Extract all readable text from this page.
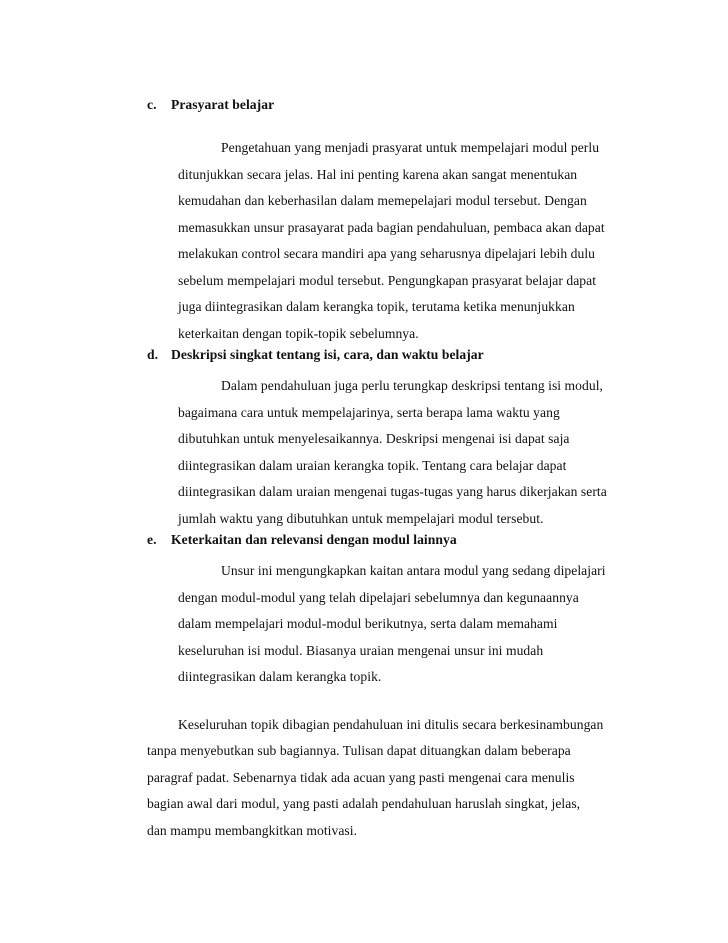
c. Prasyarat belajar
Pengetahuan yang menjadi prasyarat untuk mempelajari modul perlu
ditunjukkan secara jelas. Hal ini penting karena akan sangat menentukan
kemudahan dan keberhasilan dalam memepelajari modul tersebut. Dengan
memasukkan unsur prasayarat pada bagian pendahuluan, pembaca akan dapat
melakukan control secara mandiri apa yang seharusnya dipelajari lebih dulu
sebelum mempelajari modul tersebut. Pengungkapan prasyarat belajar dapat
juga diintegrasikan dalam kerangka topik, terutama ketika menunjukkan
keterkaitan dengan topik-topik sebelumnya.
d. Deskripsi singkat tentang isi, cara, dan waktu belajar
Dalam pendahuluan juga perlu terungkap deskripsi tentang isi modul,
bagaimana cara untuk mempelajarinya, serta berapa lama waktu yang
dibutuhkan untuk menyelesaikannya. Deskripsi mengenai isi dapat saja
diintegrasikan dalam uraian kerangka topik. Tentang cara belajar dapat
diintegrasikan dalam uraian mengenai tugas-tugas yang harus dikerjakan serta
jumlah waktu yang dibutuhkan untuk mempelajari modul tersebut.
e. Keterkaitan dan relevansi dengan modul lainnya
Unsur ini mengungkapkan kaitan antara modul yang sedang dipelajari
dengan modul-modul yang telah dipelajari sebelumnya dan kegunaannya
dalam mempelajari modul-modul berikutnya, serta dalam memahami
keseluruhan isi modul. Biasanya uraian mengenai unsur ini mudah
diintegrasikan dalam kerangka topik.
Keseluruhan topik dibagian pendahuluan ini ditulis secara berkesinambungan
tanpa menyebutkan sub bagiannya. Tulisan dapat dituangkan dalam beberapa
paragraf padat. Sebenarnya tidak ada acuan yang pasti mengenai cara menulis
bagian awal dari modul, yang pasti adalah pendahuluan haruslah singkat, jelas,
dan mampu membangkitkan motivasi.
